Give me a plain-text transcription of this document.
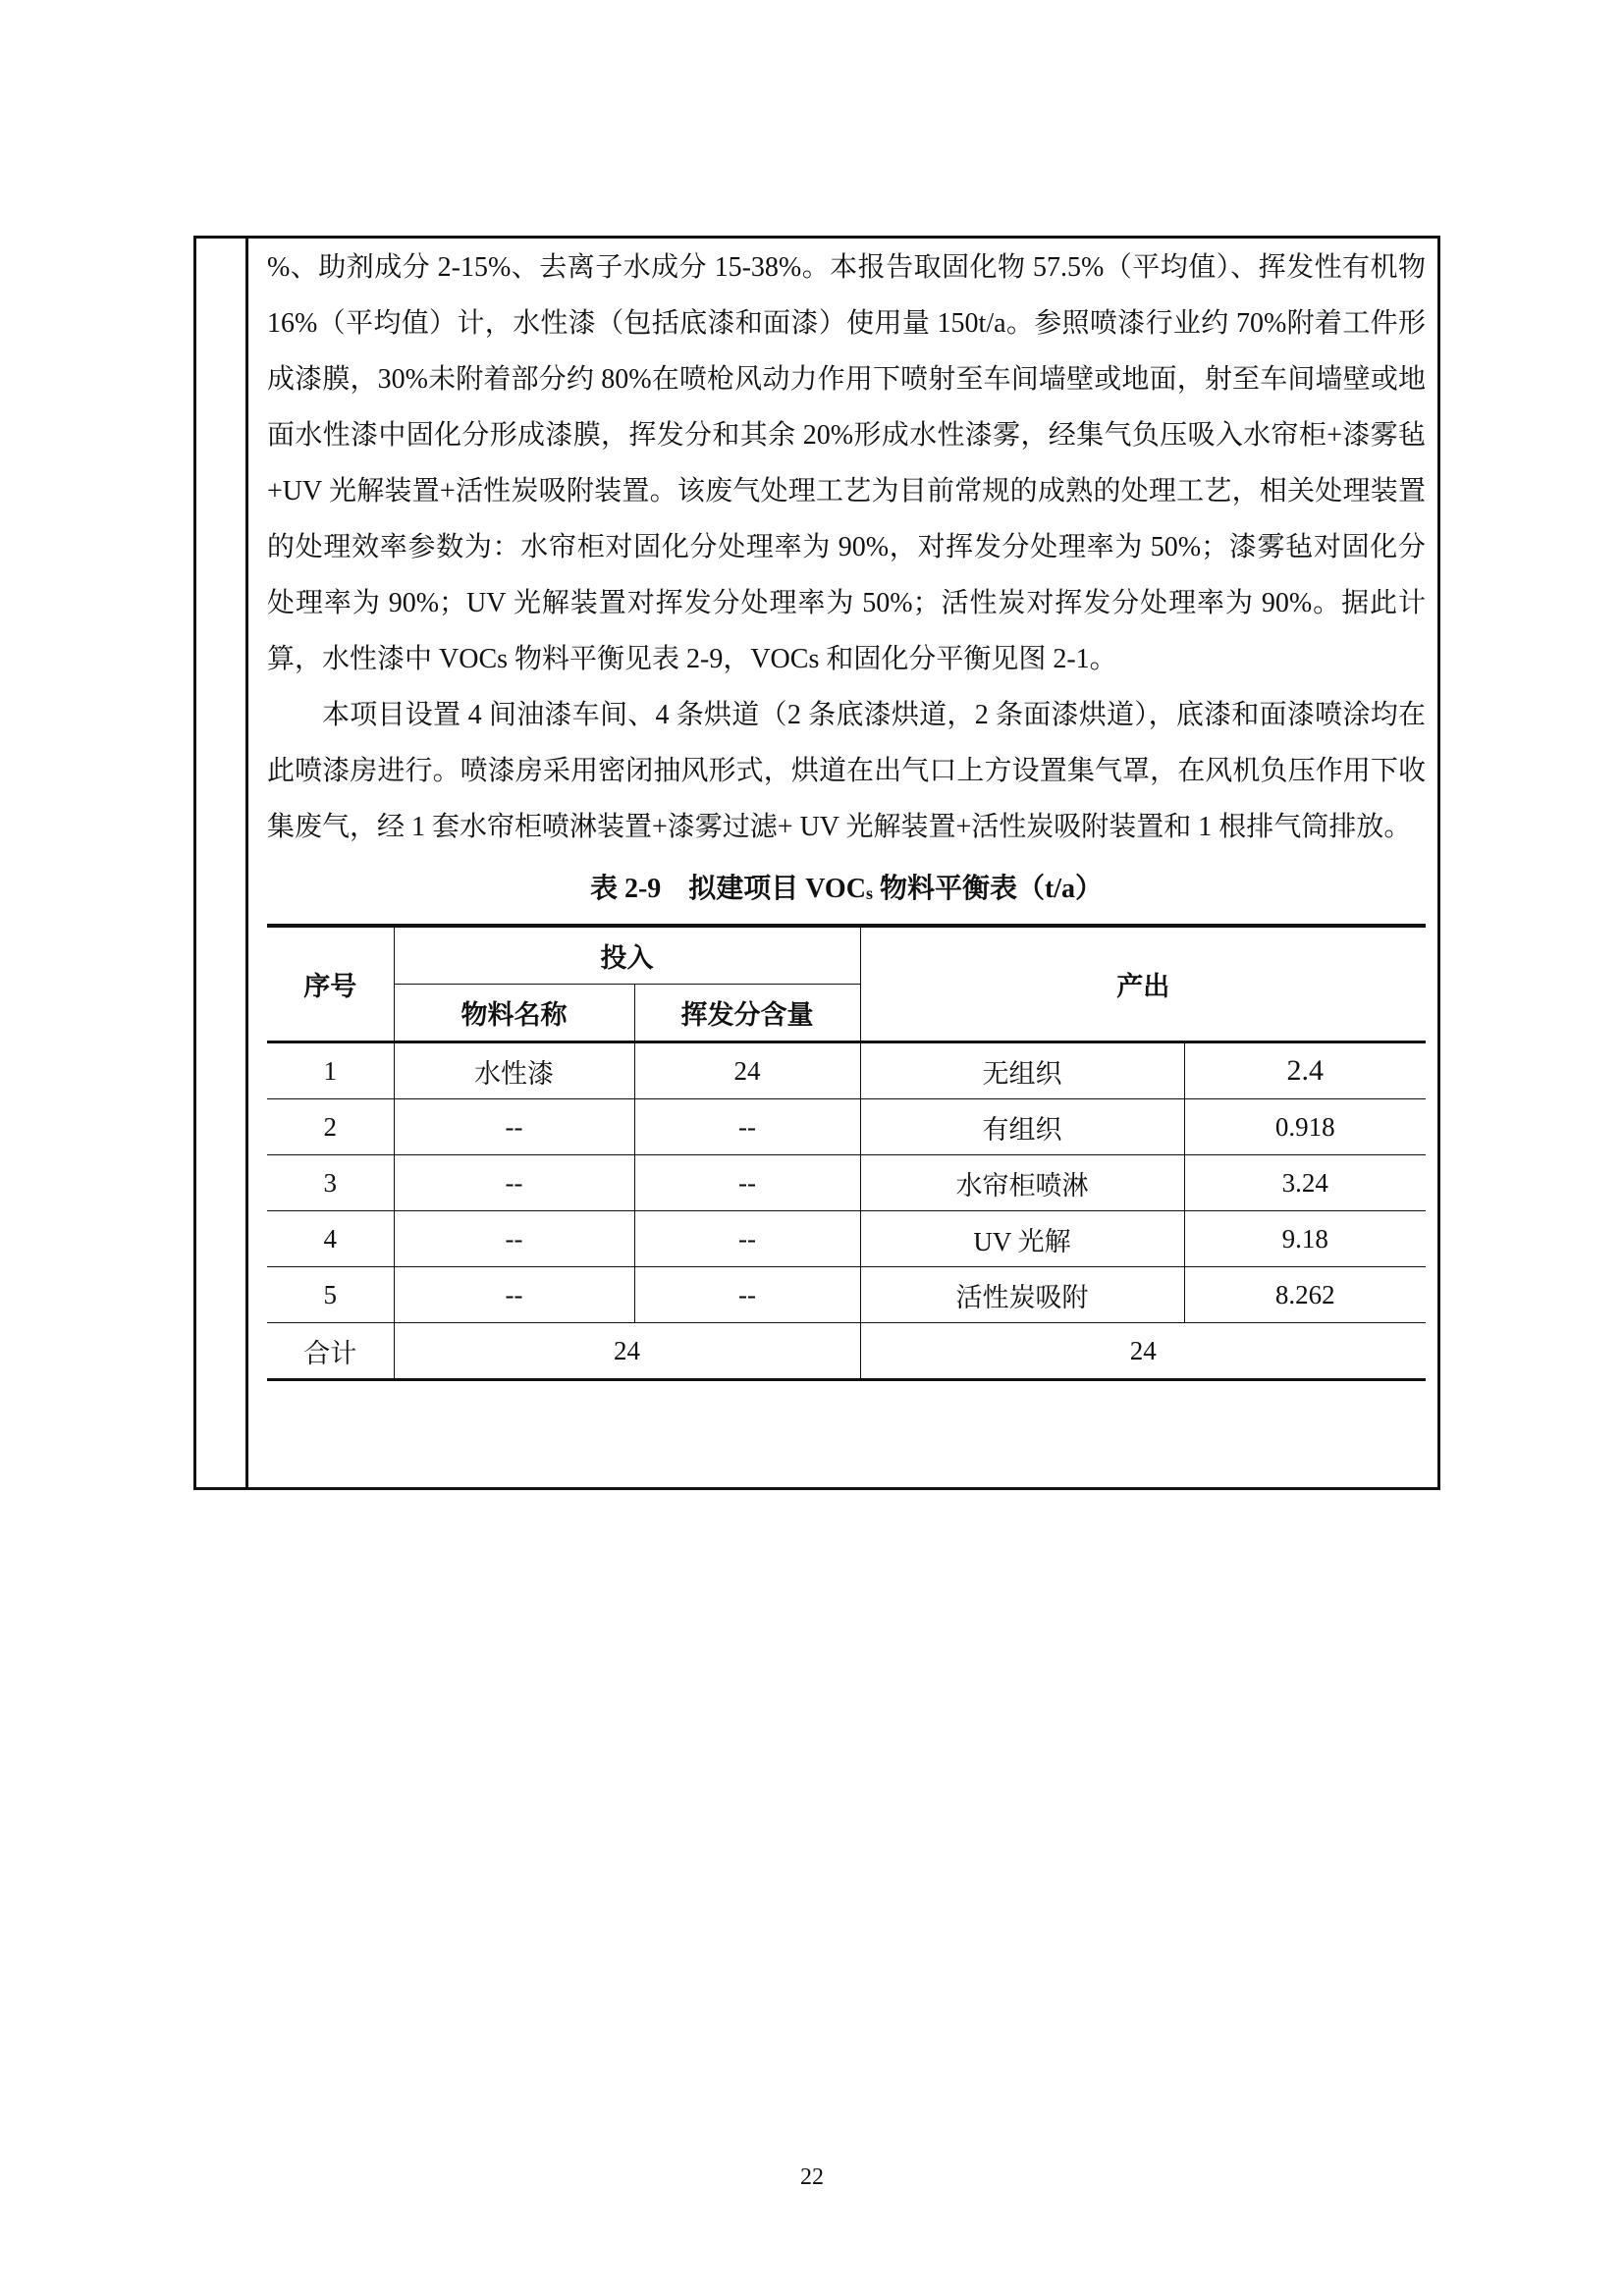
%、助剂成分 2-15%、去离子水成分 15-38%。本报告取固化物 57.5%（平均值）、挥发性有机物 16%（平均值）计，水性漆（包括底漆和面漆）使用量 150t/a。参照喷漆行业约 70%附着工件形成漆膜，30%未附着部分约 80%在喷枪风动力作用下喷射至车间墙壁或地面，射至车间墙壁或地面水性漆中固化分形成漆膜，挥发分和其余 20%形成水性漆雾，经集气负压吸入水帘柜+漆雾毡+UV 光解装置+活性炭吸附装置。该废气处理工艺为目前常规的成熟的处理工艺，相关处理装置的处理效率参数为：水帘柜对固化分处理率为 90%，对挥发分处理率为 50%；漆雾毡对固化分处理率为 90%；UV 光解装置对挥发分处理率为 50%；活性炭对挥发分处理率为 90%。据此计算，水性漆中 VOCs 物料平衡见表 2-9，VOCs 和固化分平衡见图 2-1。

本项目设置 4 间油漆车间、4 条烘道（2 条底漆烘道，2 条面漆烘道），底漆和面漆喷涂均在此喷漆房进行。喷漆房采用密闭抽风形式，烘道在出气口上方设置集气罩，在风机负压作用下收集废气，经 1 套水帘柜喷淋装置+漆雾过滤+ UV 光解装置+活性炭吸附装置和 1 根排气筒排放。

表 2-9　拟建项目 $VOC_s$ 物料平衡表（t/a）
序号	投入		产出	
	物料名称	挥发分含量		
1	水性漆	24	无组织	2.4
2	--	--	有组织	0.918
3	--	--	水帘柜喷淋	3.24
4	--	--	UV 光解	9.18
5	--	--	活性炭吸附	8.262
合计	24		24	
22
